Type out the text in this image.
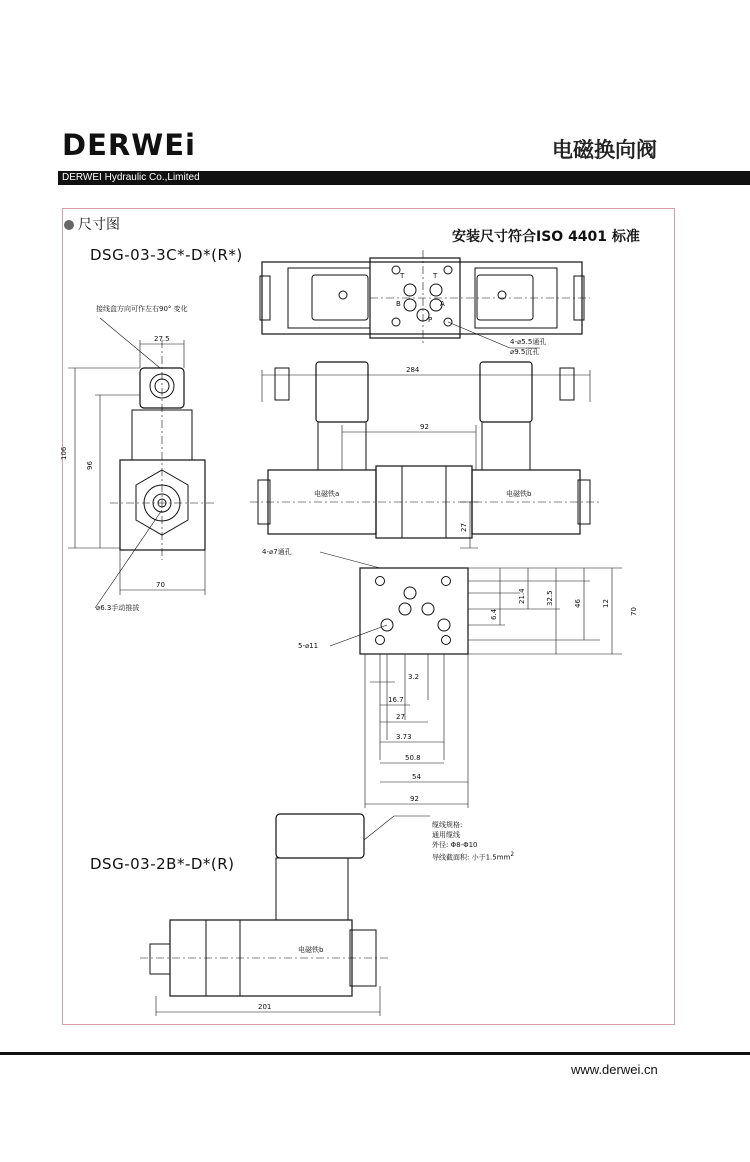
DERWEi	电磁换向阀
DERWEI Hydraulic Co.,Limited
尺寸图
安装尺寸符合ISO 4401 标准
DSG-03-3C*-D*(R*)
DSG-03-2B*-D*(R)
T	T
B	A
P
4-⌀5.5通孔
⌀9.5沉孔
27.5
106
96
70
284
92
27
电磁铁a	电磁铁b
4-⌀7通孔
5-⌀11
6.4
21.4	32.5	46	12
70
3.2
16.7
27
3.73
50.8
54
92
201
电磁铁b
接线盒方向可作左右90° 变化
⌀6.3手动推拔
缆线规格:
通用缆线
外径: Φ8-Φ10
导线截面积: 小于$1.5mm^2$
www.derwei.cn
